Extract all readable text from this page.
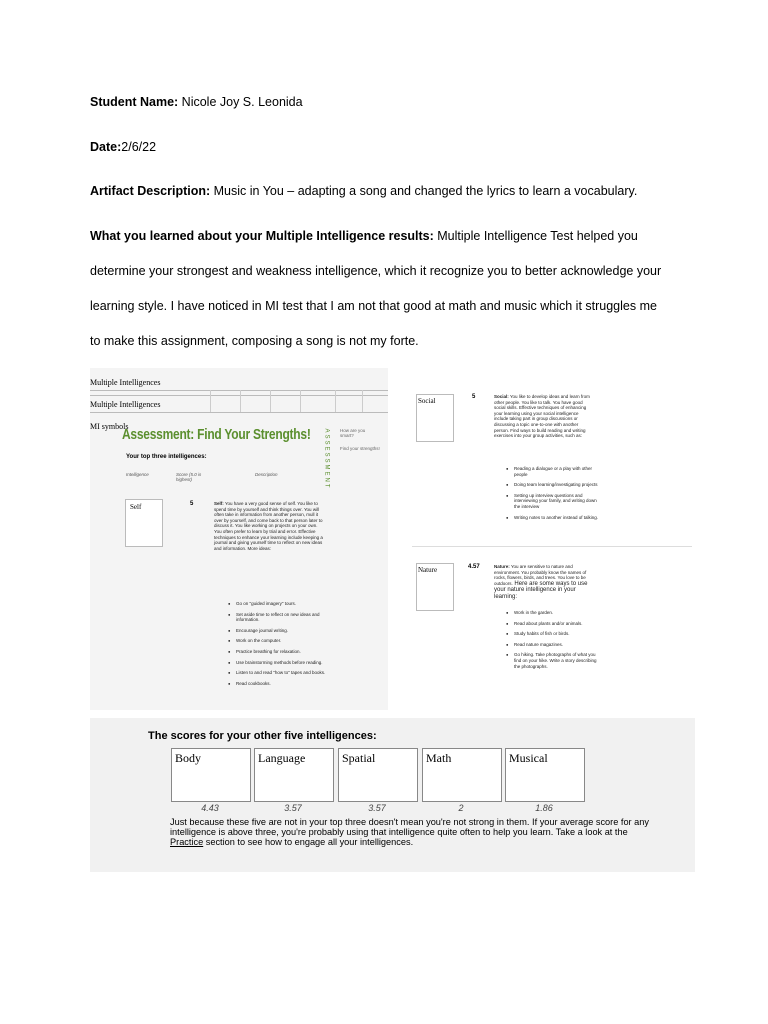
Student Name: Nicole Joy S. Leonida
Date:2/6/22
Artifact Description: Music in You – adapting a song and changed the lyrics to learn a vocabulary.
What you learned about your Multiple Intelligence results: Multiple Intelligence Test helped you
determine your strongest and weakness intelligence, which it recognize you to better acknowledge your
learning style. I have noticed in MI test that I am not that good at math and music which it struggles me
to make this assignment, composing a song is not my forte.
Multiple Intelligences
Multiple Intelligences
MI symbols
Assessment: Find Your Strengths! ASSESSMENT How are you smart?
Find your strengths!
Your top three intelligences:
Intelligence	Score (5.0 is highest)
Description
Self	5	Self: You have a very good sense of self. You like to spend time by yourself and think things over. You will often take in information from another person, mull it over by yourself, and come back to that person later to discuss it. You like working on projects on your own. You often prefer to learn by trial and error. Effective techniques to enhance your learning include keeping a journal and giving yourself time to reflect on new ideas and information. More ideas:
● Go on "guided imagery" tours.
● Set aside time to reflect on new ideas and information.
● Encourage journal writing.
● Work on the computer.
● Practice breathing for relaxation.
● Use brainstorming methods before reading.
● Listen to and read "how to" tapes and books.
● Read cookbooks.
Social	5	Social: You like to develop ideas and learn from other people. You like to talk. You have good social skills. Effective techniques of enhancing your learning using your social intelligence include taking part in group discussions or discussing a topic one-to-one with another person. Find ways to build reading and writing exercises into your group activities, such as:
● Reading a dialogue or a play with other people
● Doing team learning/investigating projects
● Setting up interview questions and interviewing your family, and writing down the interview
● Writing notes to another instead of talking.
Nature	4.57	Nature: You are sensitive to nature and environment. You probably know the names of rocks, flowers, birds, and trees. You love to be outdoors. Here are some ways to use your nature intelligence in your learning:
● Work in the garden.
● Read about plants and/or animals.
● Study habits of fish or birds.
● Read nature magazines.
● Go hiking. Take photographs of what you find on your hike. Write a story describing the photographs.
The scores for your other five intelligences:
Body	Language	Spatial	Math	Musical
4.43	3.57	3.57	2	1.86
Just because these five are not in your top three doesn't mean you're not strong in them. If your average score for any intelligence is above three, you're probably using that intelligence quite often to help you learn. Take a look at the Practice section to see how to engage all your intelligences.
